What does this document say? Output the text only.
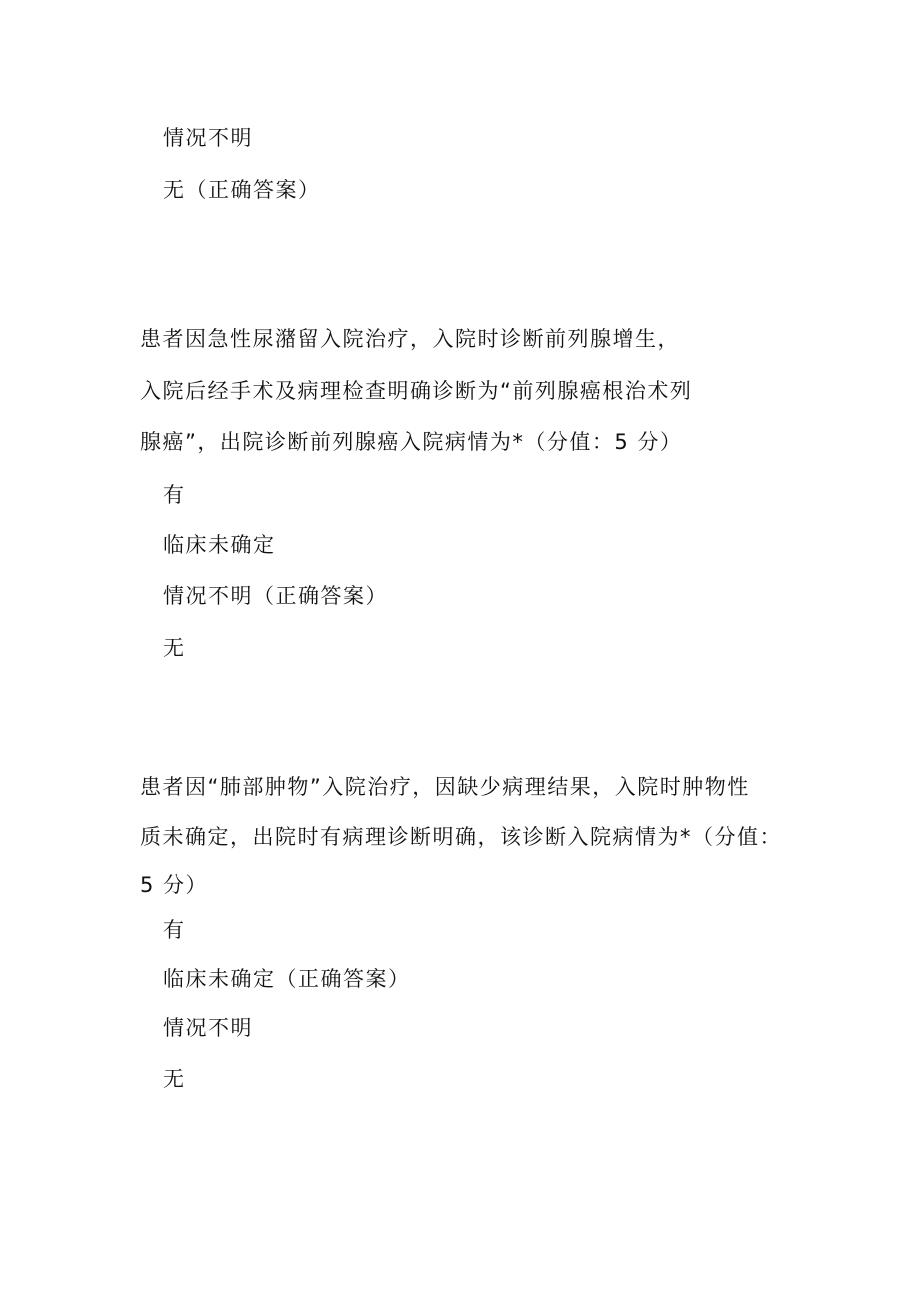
情况不明
无（正确答案）
患者因急性尿潴留入院治疗，入院时诊断前列腺增生，
入院后经手术及病理检查明确诊断为“前列腺癌根治术列
腺癌”，出院诊断前列腺癌入院病情为*（分值：5 分）
有
临床未确定
情况不明（正确答案）
无
患者因“肺部肿物”入院治疗，因缺少病理结果，入院时肿物性
质未确定，出院时有病理诊断明确，该诊断入院病情为*（分值：
5 分）
有
临床未确定（正确答案）
情况不明
无
